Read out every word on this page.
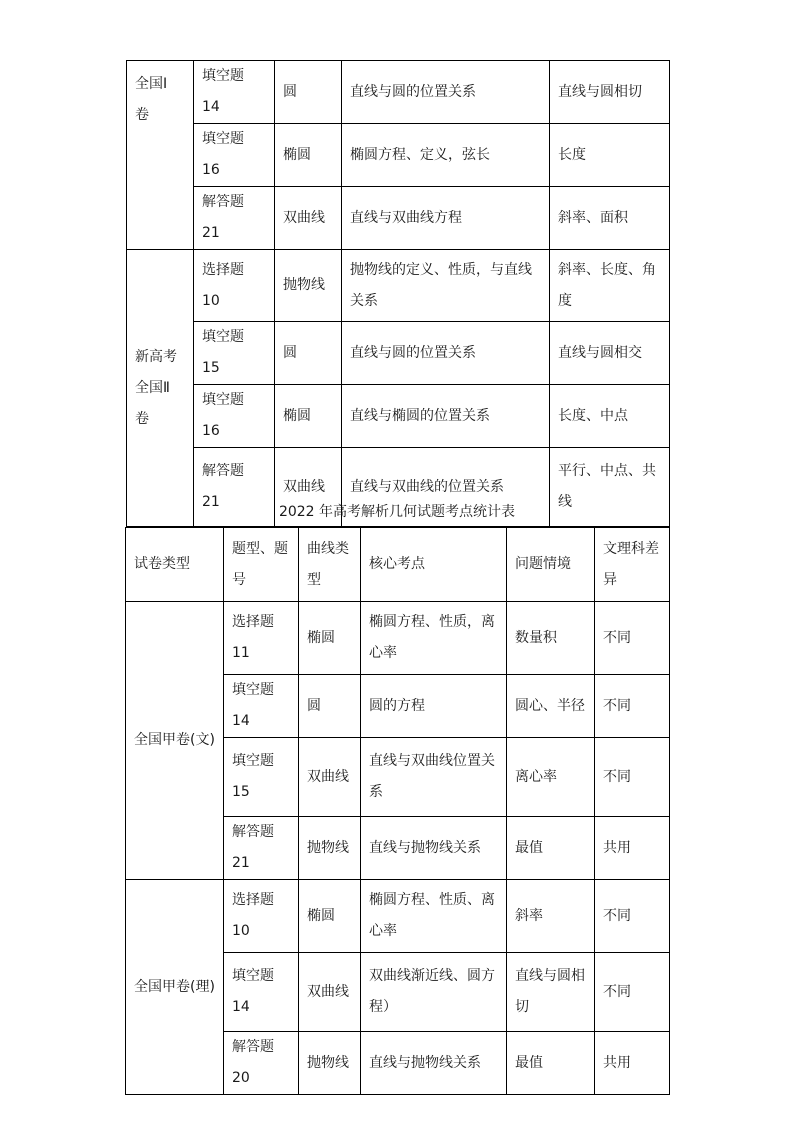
全国Ⅰ
卷	填空题 14	圆	直线与圆的位置关系	直线与圆相切
	填空题 16	椭圆	椭圆方程、定义，弦长	长度
	解答题 21	双曲线	直线与双曲线方程	斜率、面积

新高考
全国Ⅱ
卷	选择题 10	抛物线	抛物线的定义、性质，与直线关系	斜率、长度、角度
	填空题 15	圆	直线与圆的位置关系	直线与圆相交
	填空题 16	椭圆	直线与椭圆的位置关系	长度、中点
	解答题 21	双曲线	直线与双曲线的位置关系	平行、中点、共线
2022 年高考解析几何试题考点统计表
试卷类型	题型、题号	曲线类型	核心考点	问题情境	文理科差异
全国甲卷(文)	选择题 11	椭圆	椭圆方程、性质，离心率	数量积	不同
	填空题 14	圆	圆的方程	圆心、半径	不同
	填空题 15	双曲线	直线与双曲线位置关系	离心率	不同
	解答题 21	抛物线	直线与抛物线关系	最值	共用
全国甲卷(理)	选择题 10	椭圆	椭圆方程、性质、离心率	斜率	不同
	填空题 14	双曲线	双曲线渐近线、圆方程）	直线与圆相切	不同
	解答题 20	抛物线	直线与抛物线关系	最值	共用
